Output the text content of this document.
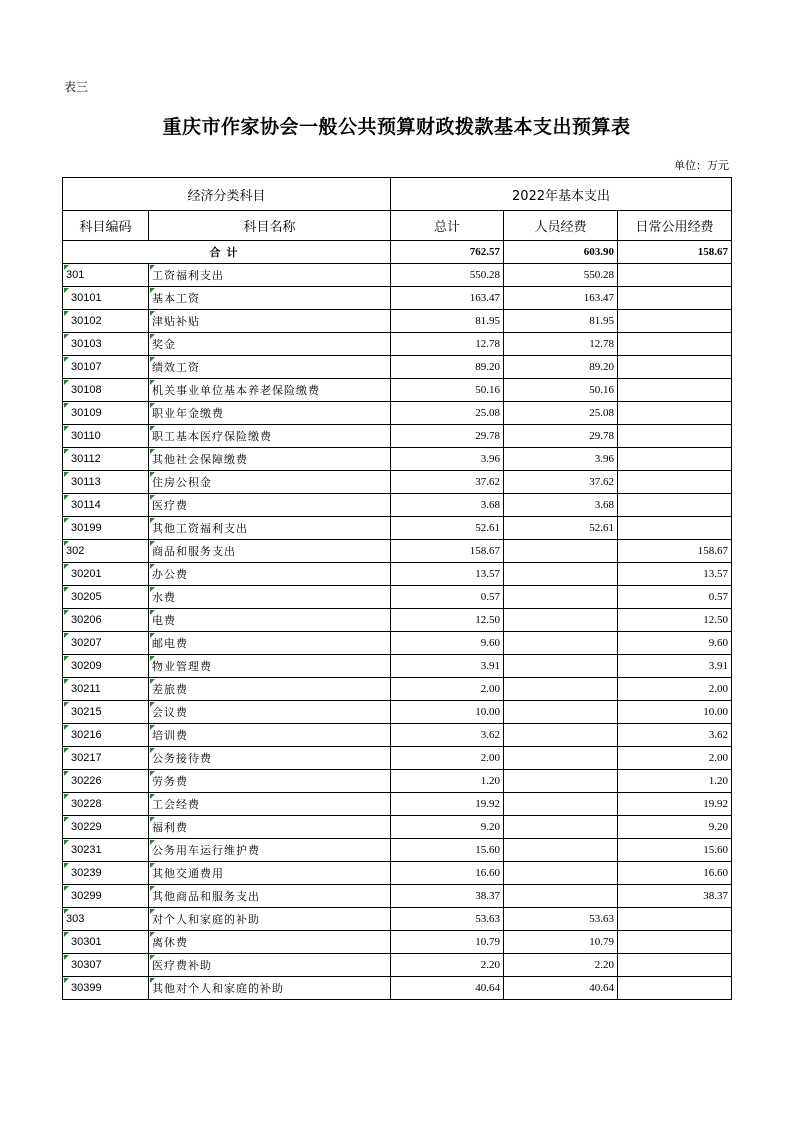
表三
重庆市作家协会一般公共预算财政拨款基本支出预算表
单位：万元
经济分类科目		2022年基本支出		
科目编码	科目名称	总计	人员经费	日常公用经费
合计		762.57	603.90	158.67

301	工资福利支出	550.28	550.28	

30101	基本工资	163.47	163.47	

30102	津贴补贴	81.95	81.95	

30103	奖金	12.78	12.78	

30107	绩效工资	89.20	89.20	

30108	机关事业单位基本养老保险缴费	50.16	50.16	

30109	职业年金缴费	25.08	25.08	

30110	职工基本医疗保险缴费	29.78	29.78	

30112	其他社会保障缴费	3.96	3.96	

30113	住房公积金	37.62	37.62	

30114	医疗费	3.68	3.68	

30199	其他工资福利支出	52.61	52.61	

302	商品和服务支出	158.67		158.67

30201	办公费	13.57		13.57

30205	水费	0.57		0.57

30206	电费	12.50		12.50

30207	邮电费	9.60		9.60

30209	物业管理费	3.91		3.91

30211	差旅费	2.00		2.00

30215	会议费	10.00		10.00

30216	培训费	3.62		3.62

30217	公务接待费	2.00		2.00

30226	劳务费	1.20		1.20

30228	工会经费	19.92		19.92

30229	福利费	9.20		9.20

30231	公务用车运行维护费	15.60		15.60

30239	其他交通费用	16.60		16.60

30299	其他商品和服务支出	38.37		38.37

303	对个人和家庭的补助	53.63	53.63	

30301	离休费	10.79	10.79	

30307	医疗费补助	2.20	2.20	

30399	其他对个人和家庭的补助	40.64	40.64	
